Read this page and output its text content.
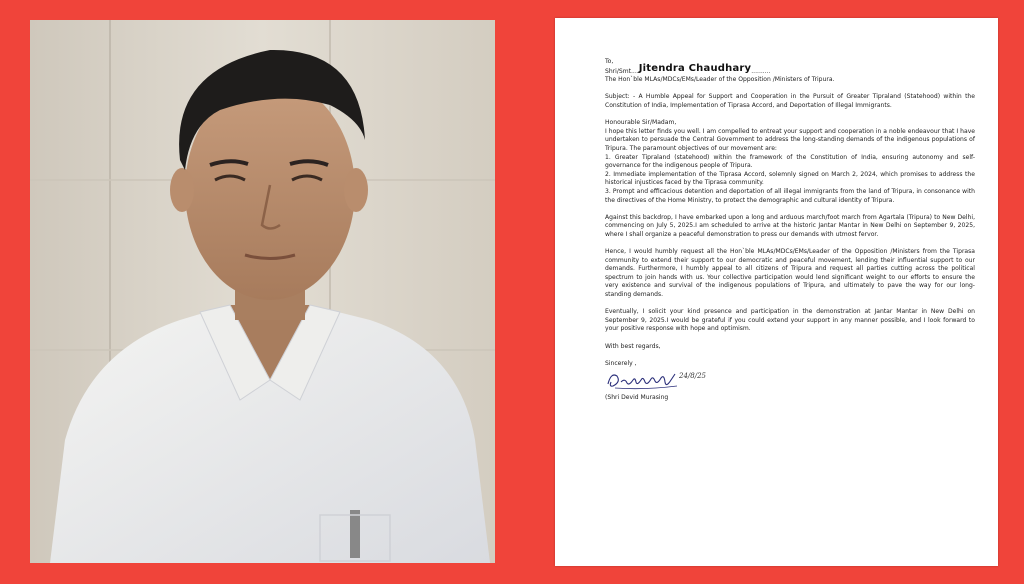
To,

Shri/Smt....Jitendra Chaudhary..........

The Hon`ble MLAs/MDCs/EMs/Leader of the Opposition /Ministers of Tripura.

Subject: - A Humble Appeal for Support and Cooperation in the Pursuit of Greater Tipraland (Statehood) within the Constitution of India, Implementation of Tiprasa Accord, and Deportation of Illegal Immigrants.

Honourable Sir/Madam,

I hope this letter finds you well. I am compelled to entreat your support and cooperation in a noble endeavour that I have undertaken to persuade the Central Government to address the long-standing demands of the indigenous populations of Tripura. The paramount objectives of our movement are:

1. Greater Tipraland (statehood) within the framework of the Constitution of India, ensuring autonomy and self-governance for the indigenous people of Tripura.

2. Immediate implementation of the Tiprasa Accord, solemnly signed on March 2, 2024, which promises to address the historical injustices faced by the Tiprasa community.

3. Prompt and efficacious detention and deportation of all illegal immigrants from the land of Tripura, in consonance with the directives of the Home Ministry, to protect the demographic and cultural identity of Tripura.

Against this backdrop, I have embarked upon a long and arduous march/foot march from Agartala (Tripura) to New Delhi, commencing on July 5, 2025.I am scheduled to arrive at the historic Jantar Mantar in New Delhi on September 9, 2025, where I shall organize a peaceful demonstration to press our demands with utmost fervor.

Hence, I would humbly request all the Hon`ble MLAs/MDCs/EMs/Leader of the Opposition /Ministers from the Tiprasa community to extend their support to our democratic and peaceful movement, lending their influential support to our demands. Furthermore, I humbly appeal to all citizens of Tripura and request all parties cutting across the political spectrum to join hands with us. Your collective participation would lend significant weight to our efforts to ensure the very existence and survival of the indigenous populations of Tripura, and ultimately to pave the way for our long- standing demands.

Eventually, I solicit your kind presence and participation in the demonstration at Jantar Mantar in New Delhi on September 9, 2025.I would be grateful if you could extend your support in any manner possible, and I look forward to your positive response with hope and optimism.

With best regards,

Sincerely ,

24/8/25

(Shri Devid Murasing
